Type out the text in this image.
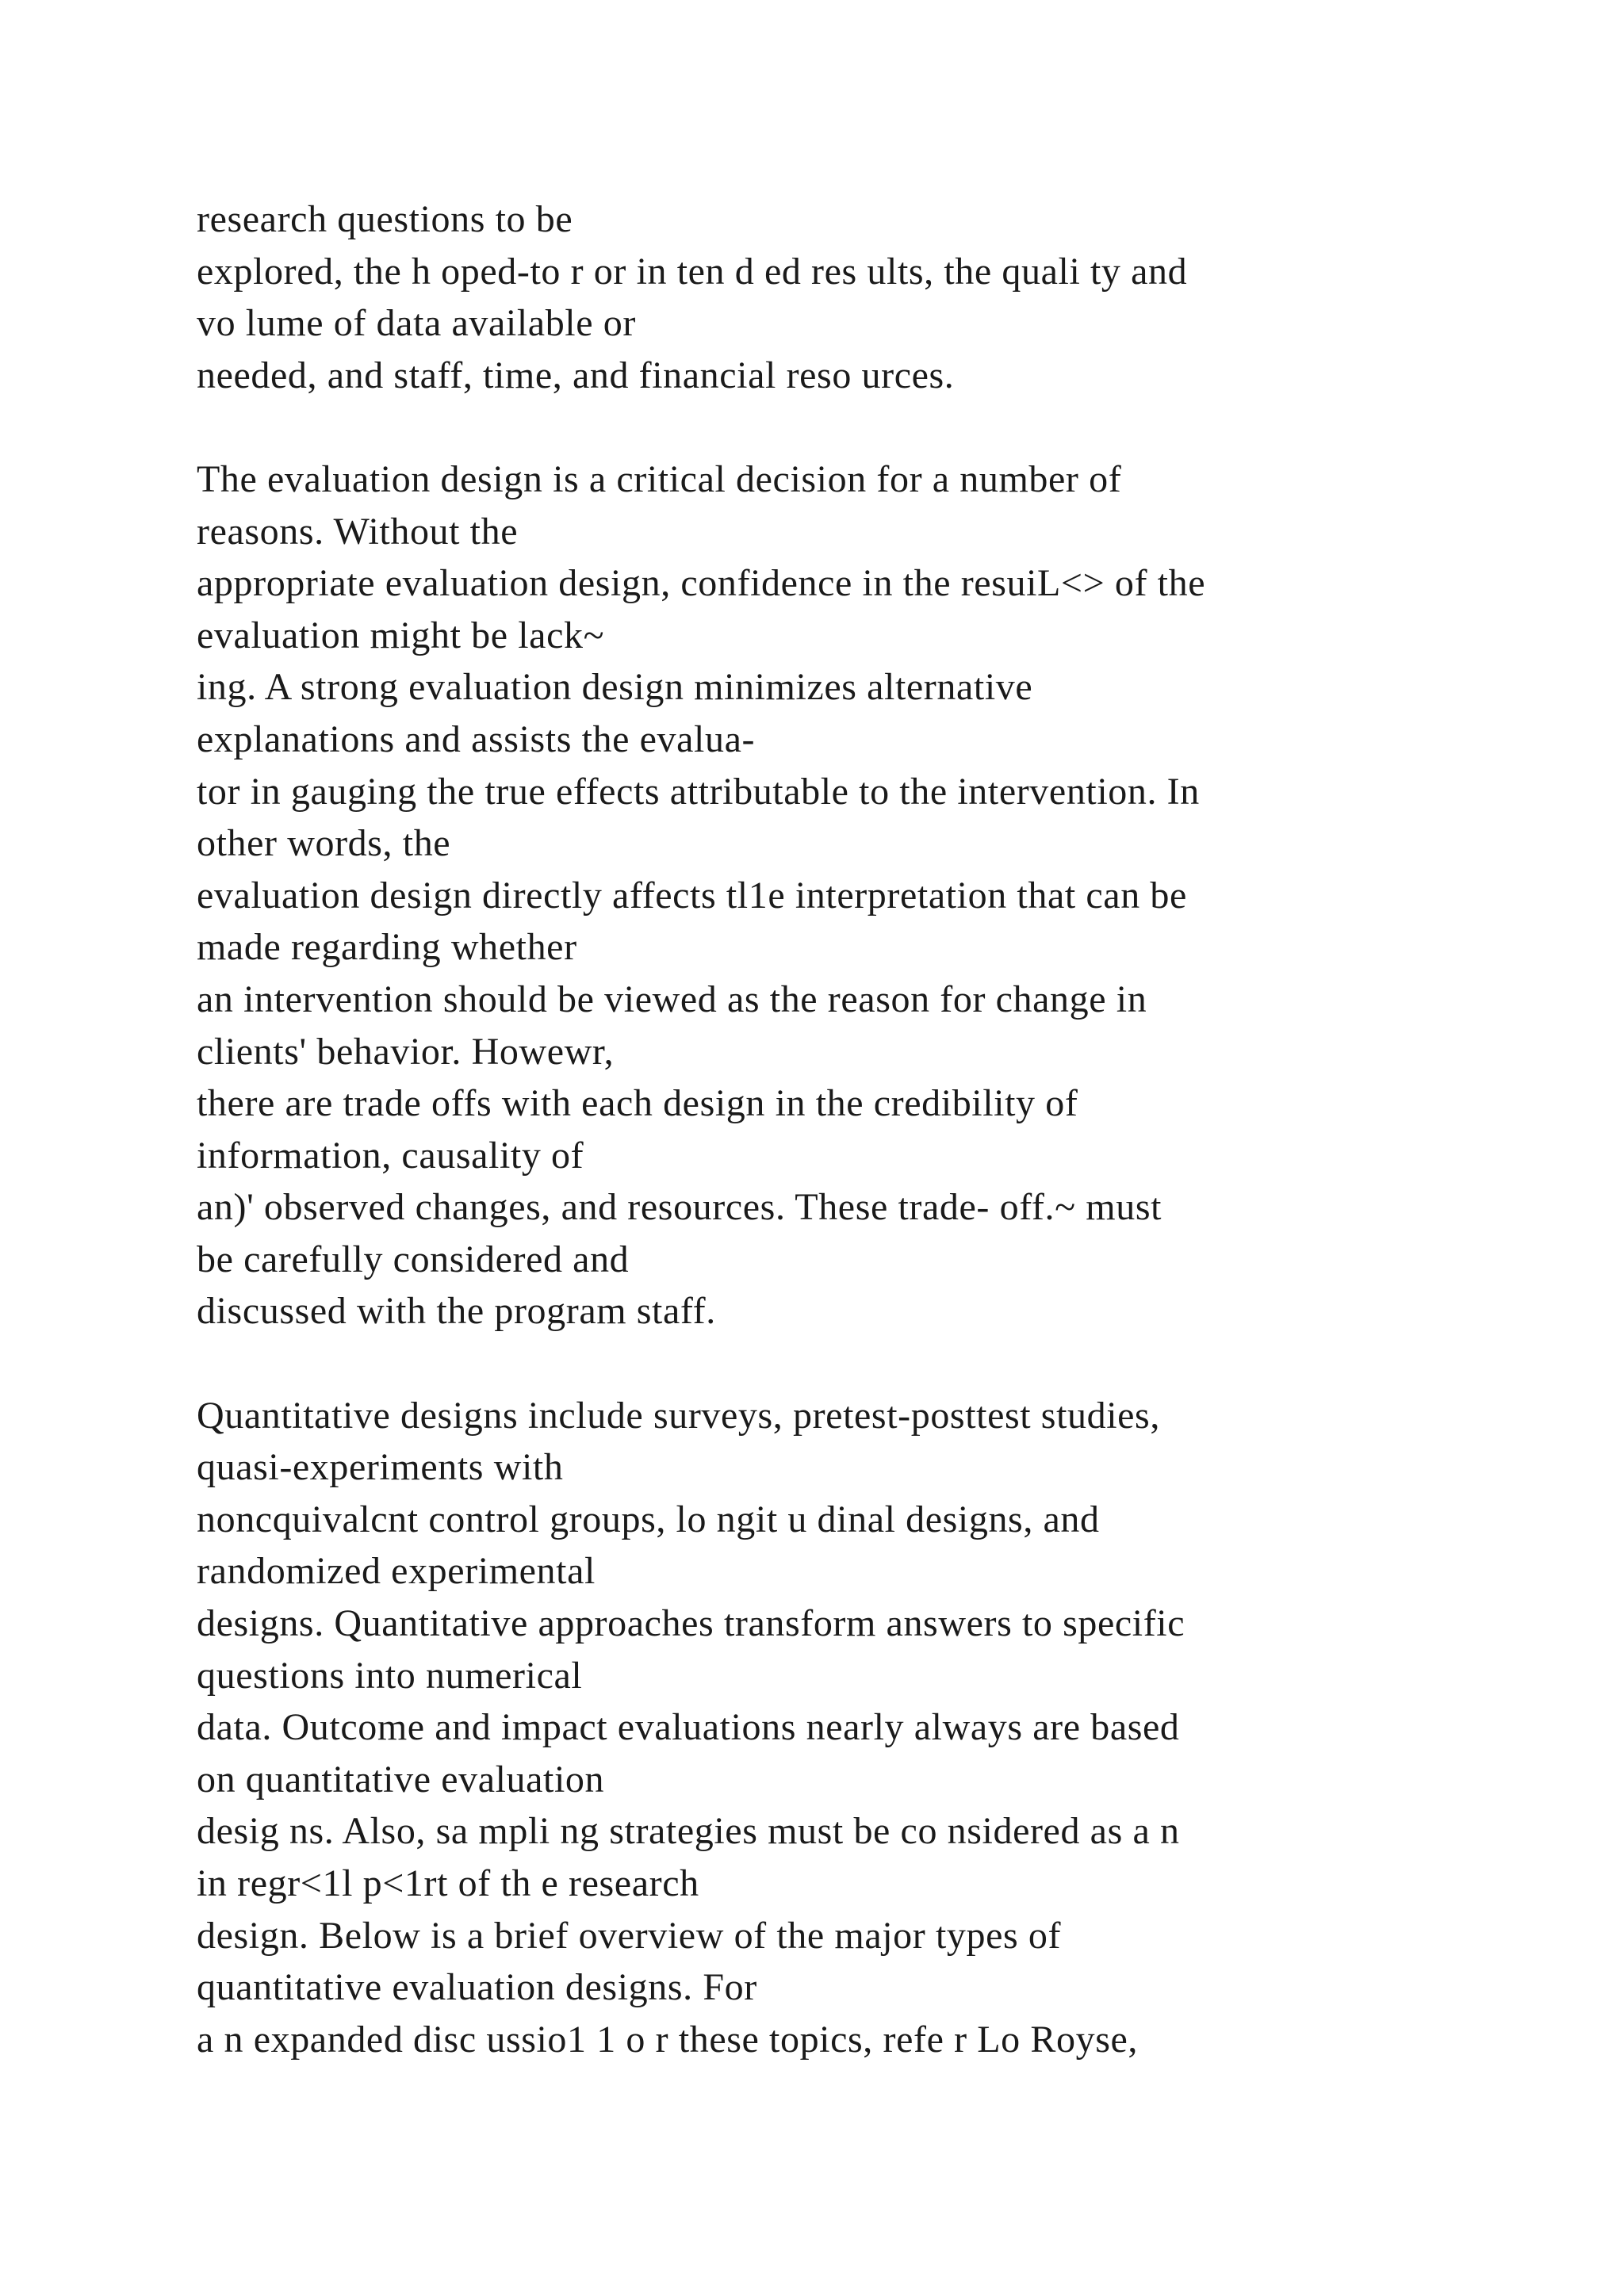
research questions to be
explored, the h oped-to r or in ten d ed res ults, the quali ty and
vo lume of data available or
needed, and staff, time, and financial reso urces.
The evaluation design is a critical decision for a number of
reasons. Without the
appropriate evaluation design, confidence in the resuiL<> of the
evaluation might be lack~
ing. A strong evaluation design minimizes alternative
explanations and assists the evalua-
tor in gauging the true effects attributable to the intervention. In
other words, the
evaluation design directly affects tl1e interpretation that can be
made regarding whether
an intervention should be viewed as the reason for change in
clients' behavior. Howewr,
there are trade offs with each design in the credibility of
information, causality of
an)' observed changes, and resources. These trade- off.~ must
be carefully considered and
discussed with the program staff.
Quantitative designs include surveys, pretest-posttest studies,
quasi-experiments with
noncquivalcnt control groups, lo ngit u dinal designs, and
randomized experimental
designs. Quantitative approaches transform answers to specific
questions into numerical
data. Outcome and impact evaluations nearly always are based
on quantitative evaluation
desig ns. Also, sa mpli ng strategies must be co nsidered as a n
in regr<1l p<1rt of th e research
design. Below is a brief overview of the major types of
quantitative evaluation designs. For
a n expanded disc ussio1 1 o r these topics, refe r Lo Royse,
